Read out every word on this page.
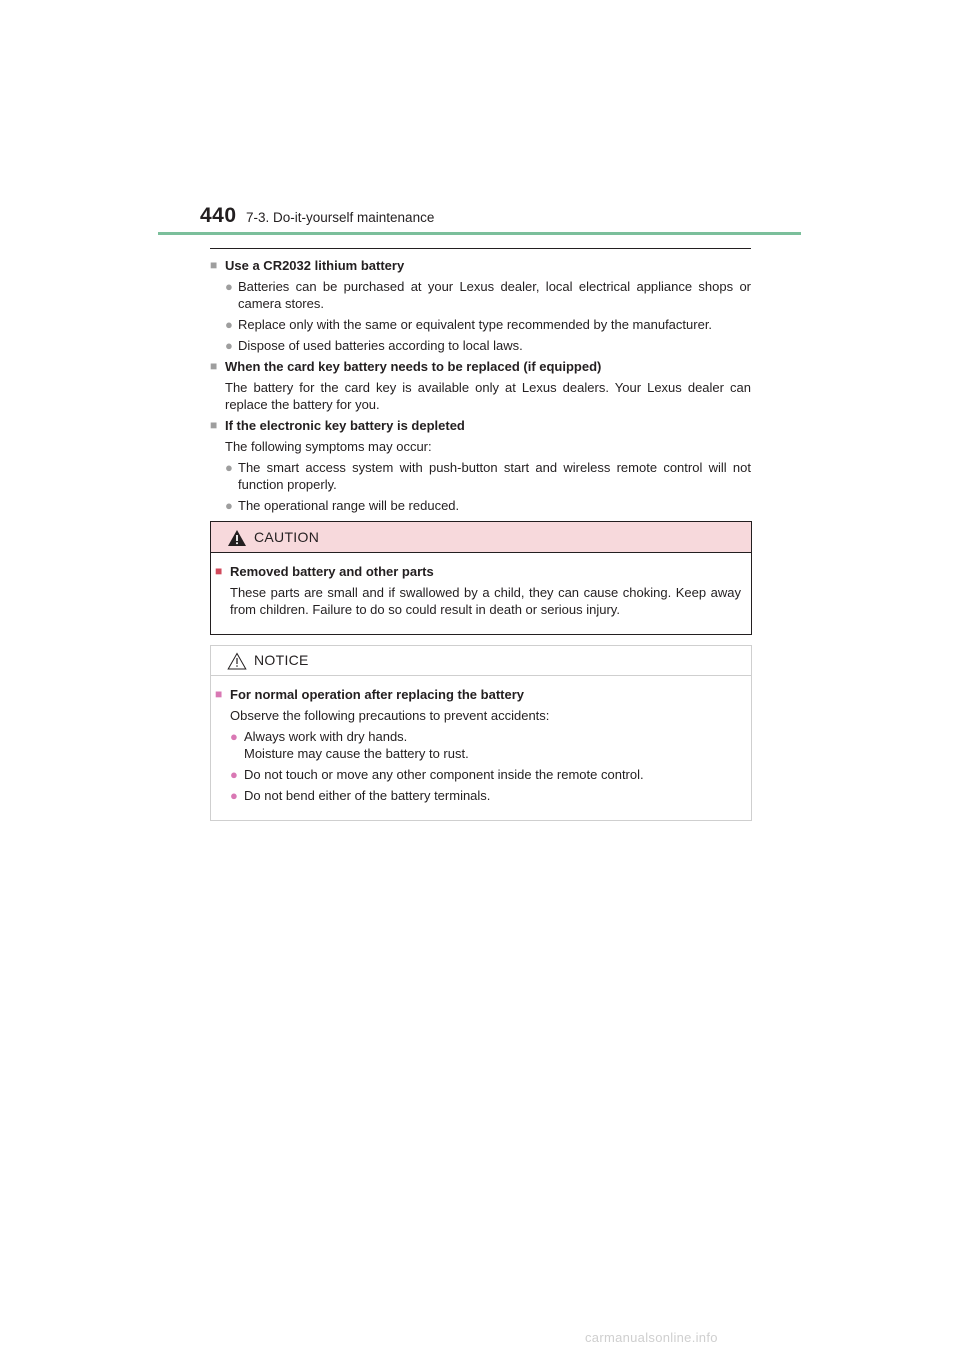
440 7-3. Do-it-yourself maintenance
■ Use a CR2032 lithium battery
● Batteries can be purchased at your Lexus dealer, local electrical appliance shops or camera stores.
● Replace only with the same or equivalent type recommended by the manufacturer.
● Dispose of used batteries according to local laws.
■ When the card key battery needs to be replaced (if equipped)
The battery for the card key is available only at Lexus dealers. Your Lexus dealer can replace the battery for you.
■ If the electronic key battery is depleted
The following symptoms may occur:
● The smart access system with push-button start and wireless remote control will not function properly.
● The operational range will be reduced.
CAUTION
■ Removed battery and other parts
These parts are small and if swallowed by a child, they can cause choking. Keep away from children. Failure to do so could result in death or serious injury.
NOTICE
■ For normal operation after replacing the battery
Observe the following precautions to prevent accidents:
● Always work with dry hands.
Moisture may cause the battery to rust.
● Do not touch or move any other component inside the remote control.
● Do not bend either of the battery terminals.
carmanualsonline.info
